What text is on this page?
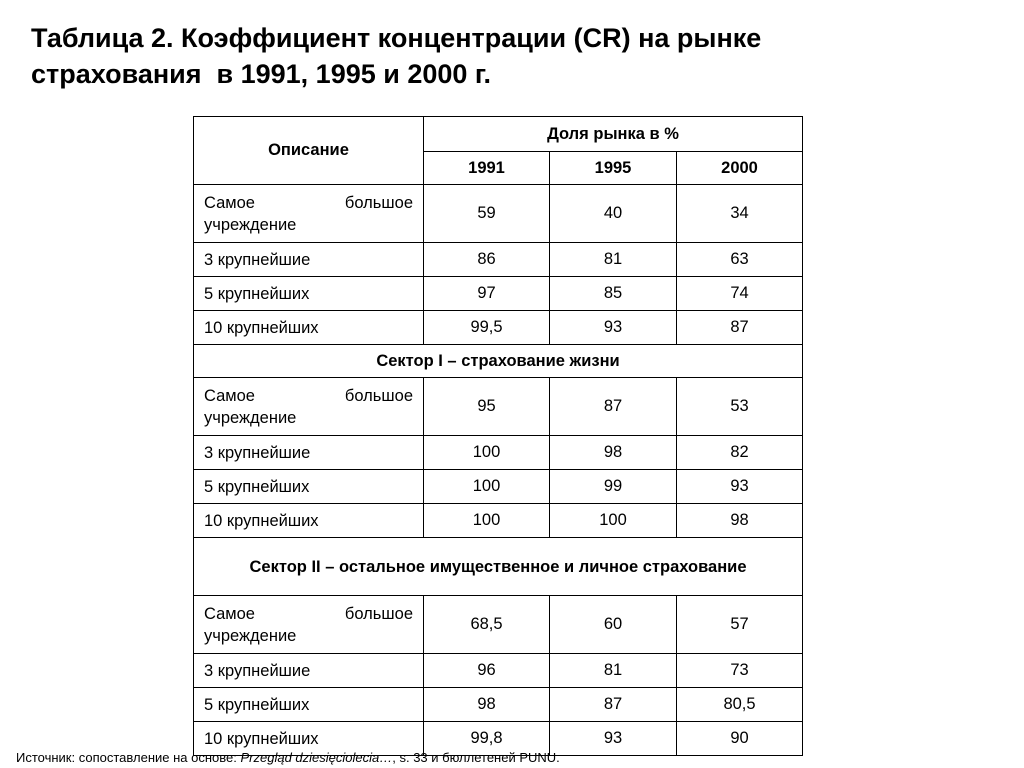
Таблица 2. Коэффициент концентрации (CR) на рынке
страхования  в 1991, 1995 и 2000 г.
Описание	Доля рынка в %		
	1991	1995	2000
Самое большое учреждение	59	40	34
3 крупнейшие	86	81	63
5 крупнейших	97	85	74
10 крупнейших	99,5	93	87
Сектор I – страхование жизни			
Самое большое учреждение	95	87	53
3 крупнейшие	100	98	82
5 крупнейших	100	99	93
10 крупнейших	100	100	98
Сектор II – остальное имущественное и личное страхование			
Самое большое учреждение	68,5	60	57
3 крупнейшие	96	81	73
5 крупнейших	98	87	80,5
10 крупнейших	99,8	93	90
Источник: сопоставление на основе: Przegląd dziesięciolecia…, s. 33 и бюллетеней PUNU.
